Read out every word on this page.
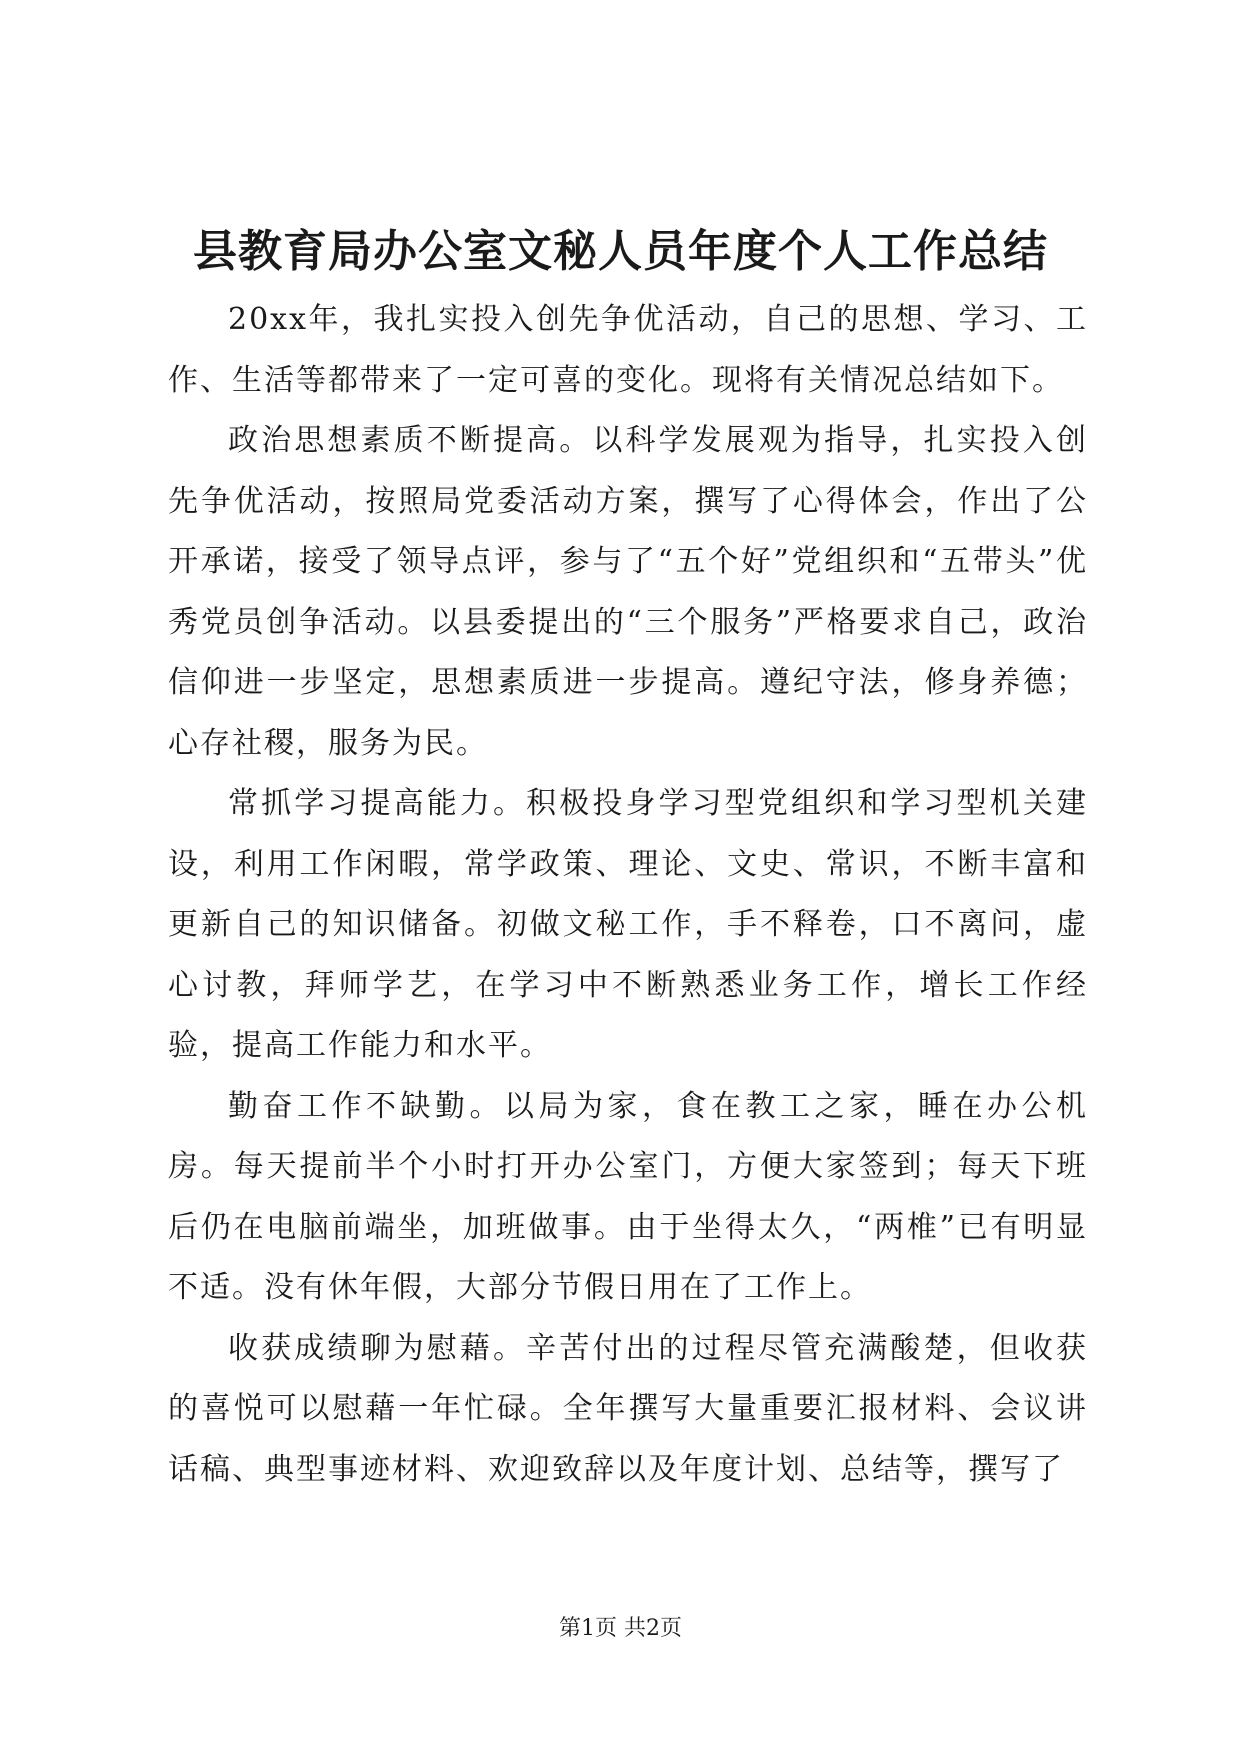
县教育局办公室文秘人员年度个人工作总结

20xx年，我扎实投入创先争优活动，自己的思想、学习、工作、生活等都带来了一定可喜的变化。现将有关情况总结如下。

政治思想素质不断提高。以科学发展观为指导，扎实投入创先争优活动，按照局党委活动方案，撰写了心得体会，作出了公开承诺，接受了领导点评，参与了“五个好”党组织和“五带头”优秀党员创争活动。以县委提出的“三个服务”严格要求自己，政治信仰进一步坚定，思想素质进一步提高。遵纪守法，修身养德；心存社稷，服务为民。

常抓学习提高能力。积极投身学习型党组织和学习型机关建设，利用工作闲暇，常学政策、理论、文史、常识，不断丰富和更新自己的知识储备。初做文秘工作，手不释卷，口不离问，虚心讨教，拜师学艺，在学习中不断熟悉业务工作，增长工作经验，提高工作能力和水平。

勤奋工作不缺勤。以局为家，食在教工之家，睡在办公机房。每天提前半个小时打开办公室门，方便大家签到；每天下班后仍在电脑前端坐，加班做事。由于坐得太久，“两椎”已有明显不适。没有休年假，大部分节假日用在了工作上。

收获成绩聊为慰藉。辛苦付出的过程尽管充满酸楚，但收获的喜悦可以慰藉一年忙碌。全年撰写大量重要汇报材料、会议讲话稿、典型事迹材料、欢迎致辞以及年度计划、总结等，撰写了

第1页 共2页
